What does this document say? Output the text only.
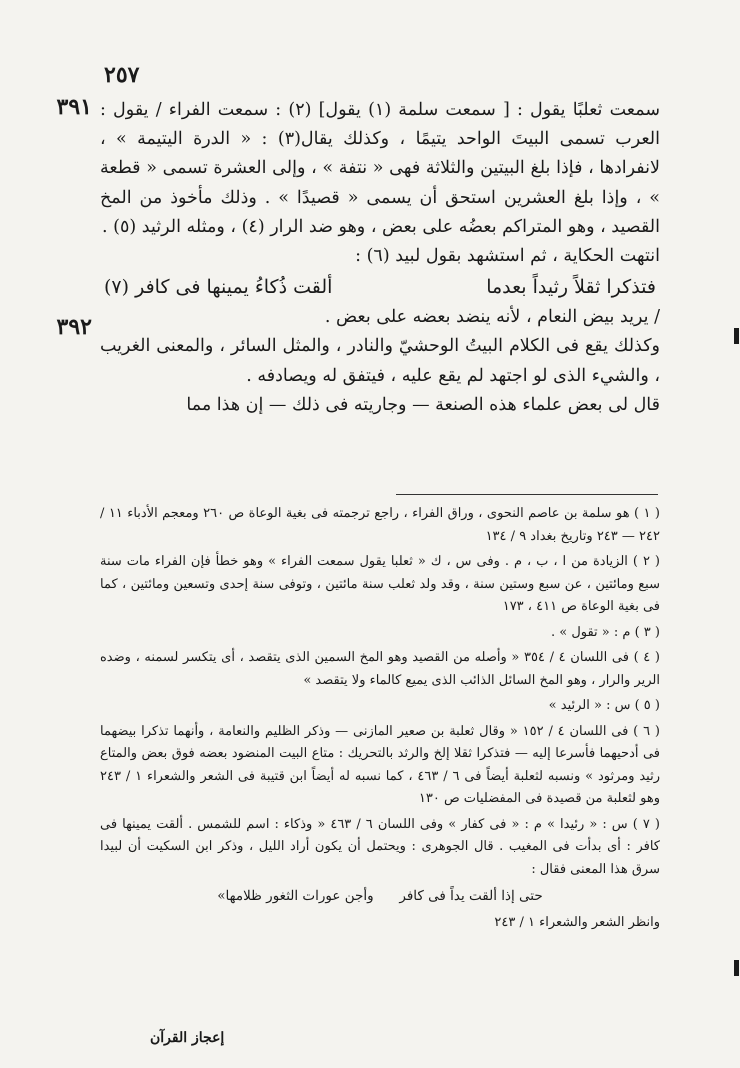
٢٥٧
٣٩١
٣٩٢

سمعت ثعلبًا يقول : [ سمعت سلمة (١) يقول] (٢) : سمعت الفراء / يقول : العرب تسمى البيتَ الواحد يتيمًا ، وكذلك يقال(٣) : « الدرة اليتيمة » ، لانفرادها ، فإذا بلغ البيتين والثلاثة فهى « نتفة » ، وإلى العشرة تسمى « قطعة » ، وإذا بلغ العشرين استحق أن يسمى « قصيدًا » . وذلك مأخوذ من المخ القصيد ، وهو المتراكم بعضُه على بعض ، وهو ضد الرار (٤) ، ومثله الرثيد (٥) .

انتهت الحكاية ، ثم استشهد بقول لبيد (٦) :

فتذكرا ثقلاً رثيداً بعدما
ألقت ذُكاءُ يمينها فى كافر (٧)

/ يريد بيض النعام ، لأنه ينضد بعضه على بعض .

وكذلك يقع فى الكلام البيتُ الوحشيّ والنادر ، والمثل السائر ، والمعنى الغريب ، والشيء الذى لو اجتهد لم يقع عليه ، فيتفق له ويصادفه .

قال لى بعض علماء هذه الصنعة — وجاريته فى ذلك — إن هذا مما

( ١ ) هو سلمة بن عاصم النحوى ، وراق الفراء ، راجع ترجمته فى بغية الوعاة ص ٢٦٠ ومعجم الأدباء ١١ / ٢٤٢ — ٢٤٣ وتاريخ بغداد ٩ / ١٣٤

( ٢ ) الزيادة من ا ، ب ، م . وفى س ، ك « ثعلبا يقول سمعت الفراء » وهو خطأ فإن الفراء مات سنة سبع ومائتين ، عن سبع وستين سنة ، وقد ولد ثعلب سنة مائتين ، وتوفى سنة إحدى وتسعين ومائتين ، كما فى بغية الوعاة ص ٤١١ ، ١٧٣

( ٣ ) م : « تقول » .

( ٤ ) فى اللسان ٤ / ٣٥٤ « وأصله من القصيد وهو المخ السمين الذى يتقصد ، أى يتكسر لسمنه ، وضده الرير والرار ، وهو المخ السائل الذائب الذى يميع كالماء ولا يتقصد »

( ٥ ) س : « الرئيد »

( ٦ ) فى اللسان ٤ / ١٥٢ « وقال ثعلبة بن صعير المازنى — وذكر الظليم والنعامة ، وأنهما تذكرا بيضهما فى أدحيهما فأسرعا إليه — فتذكرا ثقلا إلخ والرثد بالتحريك : متاع البيت المنضود بعضه فوق بعض والمتاع رثيد ومرثود » ونسبه لثعلبة أيضاً فى ٦ / ٤٦٣ ، كما نسبه له أيضاً ابن قتيبة فى الشعر والشعراء ١ / ٢٤٣ وهو لثعلبة من قصيدة فى المفضليات ص ١٣٠

( ٧ ) س : « رئيدا » م : « فى كفار » وفى اللسان ٦ / ٤٦٣ « وذكاء : اسم للشمس . ألقت يمينها فى كافر : أى بدأت فى المغيب . قال الجوهرى : ويحتمل أن يكون أراد الليل ، وذكر ابن السكيت أن لبيدا سرق هذا المعنى فقال :

حتى إذا ألقت يداً فى كافر      وأجن عورات الثغور ظلامها»

وانظر الشعر والشعراء ١ / ٢٤٣

إعجاز القرآن
